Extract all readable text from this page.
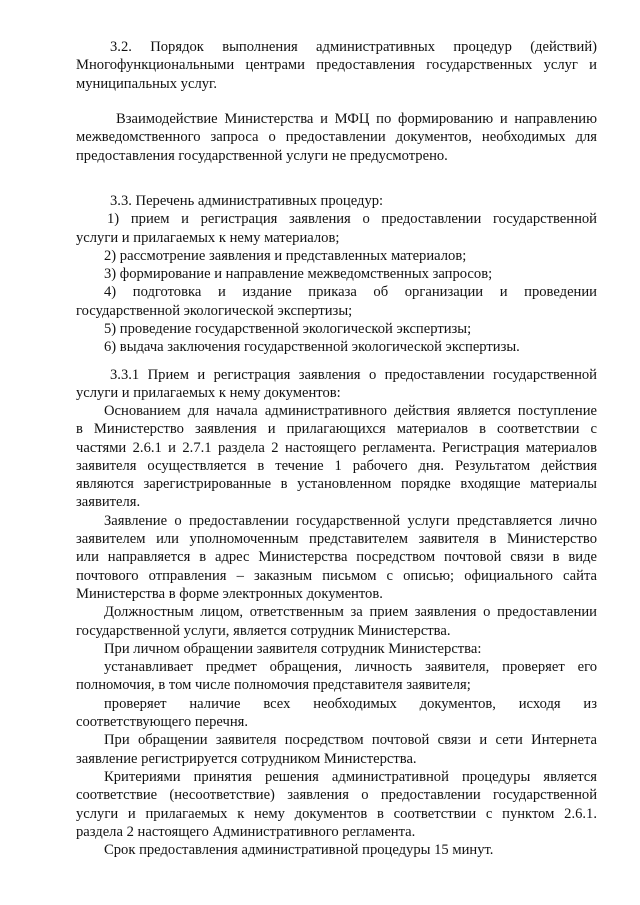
3.2. Порядок выполнения административных процедур (действий)
Многофункциональными центрами предоставления государственных услуг и
муниципальных услуг.
Взаимодействие Министерства и МФЦ по формированию и направлению
межведомственного запроса о предоставлении документов, необходимых для
предоставления государственной услуги не предусмотрено.
3.3. Перечень административных процедур:
1) прием и регистрация заявления о предоставлении государственной
услуги и прилагаемых к нему материалов;
2) рассмотрение заявления и представленных материалов;
3) формирование и направление межведомственных запросов;
4) подготовка и издание приказа об организации и проведении
государственной экологической экспертизы;
5) проведение государственной экологической экспертизы;
6) выдача заключения государственной экологической экспертизы.
3.3.1 Прием и регистрация заявления о предоставлении государственной
услуги и прилагаемых к нему документов:
Основанием для начала административного действия является поступление
в Министерство заявления и прилагающихся материалов в соответствии с
частями 2.6.1 и 2.7.1 раздела 2 настоящего регламента. Регистрация материалов
заявителя осуществляется в течение 1 рабочего дня. Результатом действия
являются зарегистрированные в установленном порядке входящие материалы
заявителя.
Заявление о предоставлении государственной услуги представляется лично
заявителем или уполномоченным представителем заявителя в Министерство
или направляется в адрес Министерства посредством почтовой связи в виде
почтового отправления – заказным письмом с описью; официального сайта
Министерства в форме электронных документов.
Должностным лицом, ответственным за прием заявления о предоставлении
государственной услуги, является сотрудник Министерства.
При личном обращении заявителя сотрудник Министерства:
устанавливает предмет обращения, личность заявителя, проверяет его
полномочия, в том числе полномочия представителя заявителя;
проверяет наличие всех необходимых документов, исходя из
соответствующего перечня.
При обращении заявителя посредством почтовой связи и сети Интернета
заявление регистрируется сотрудником Министерства.
Критериями принятия решения административной процедуры является
соответствие (несоответствие) заявления о предоставлении государственной
услуги и прилагаемых к нему документов в соответствии с пунктом 2.6.1.
раздела 2 настоящего Административного регламента.
Срок предоставления административной процедуры 15 минут.
